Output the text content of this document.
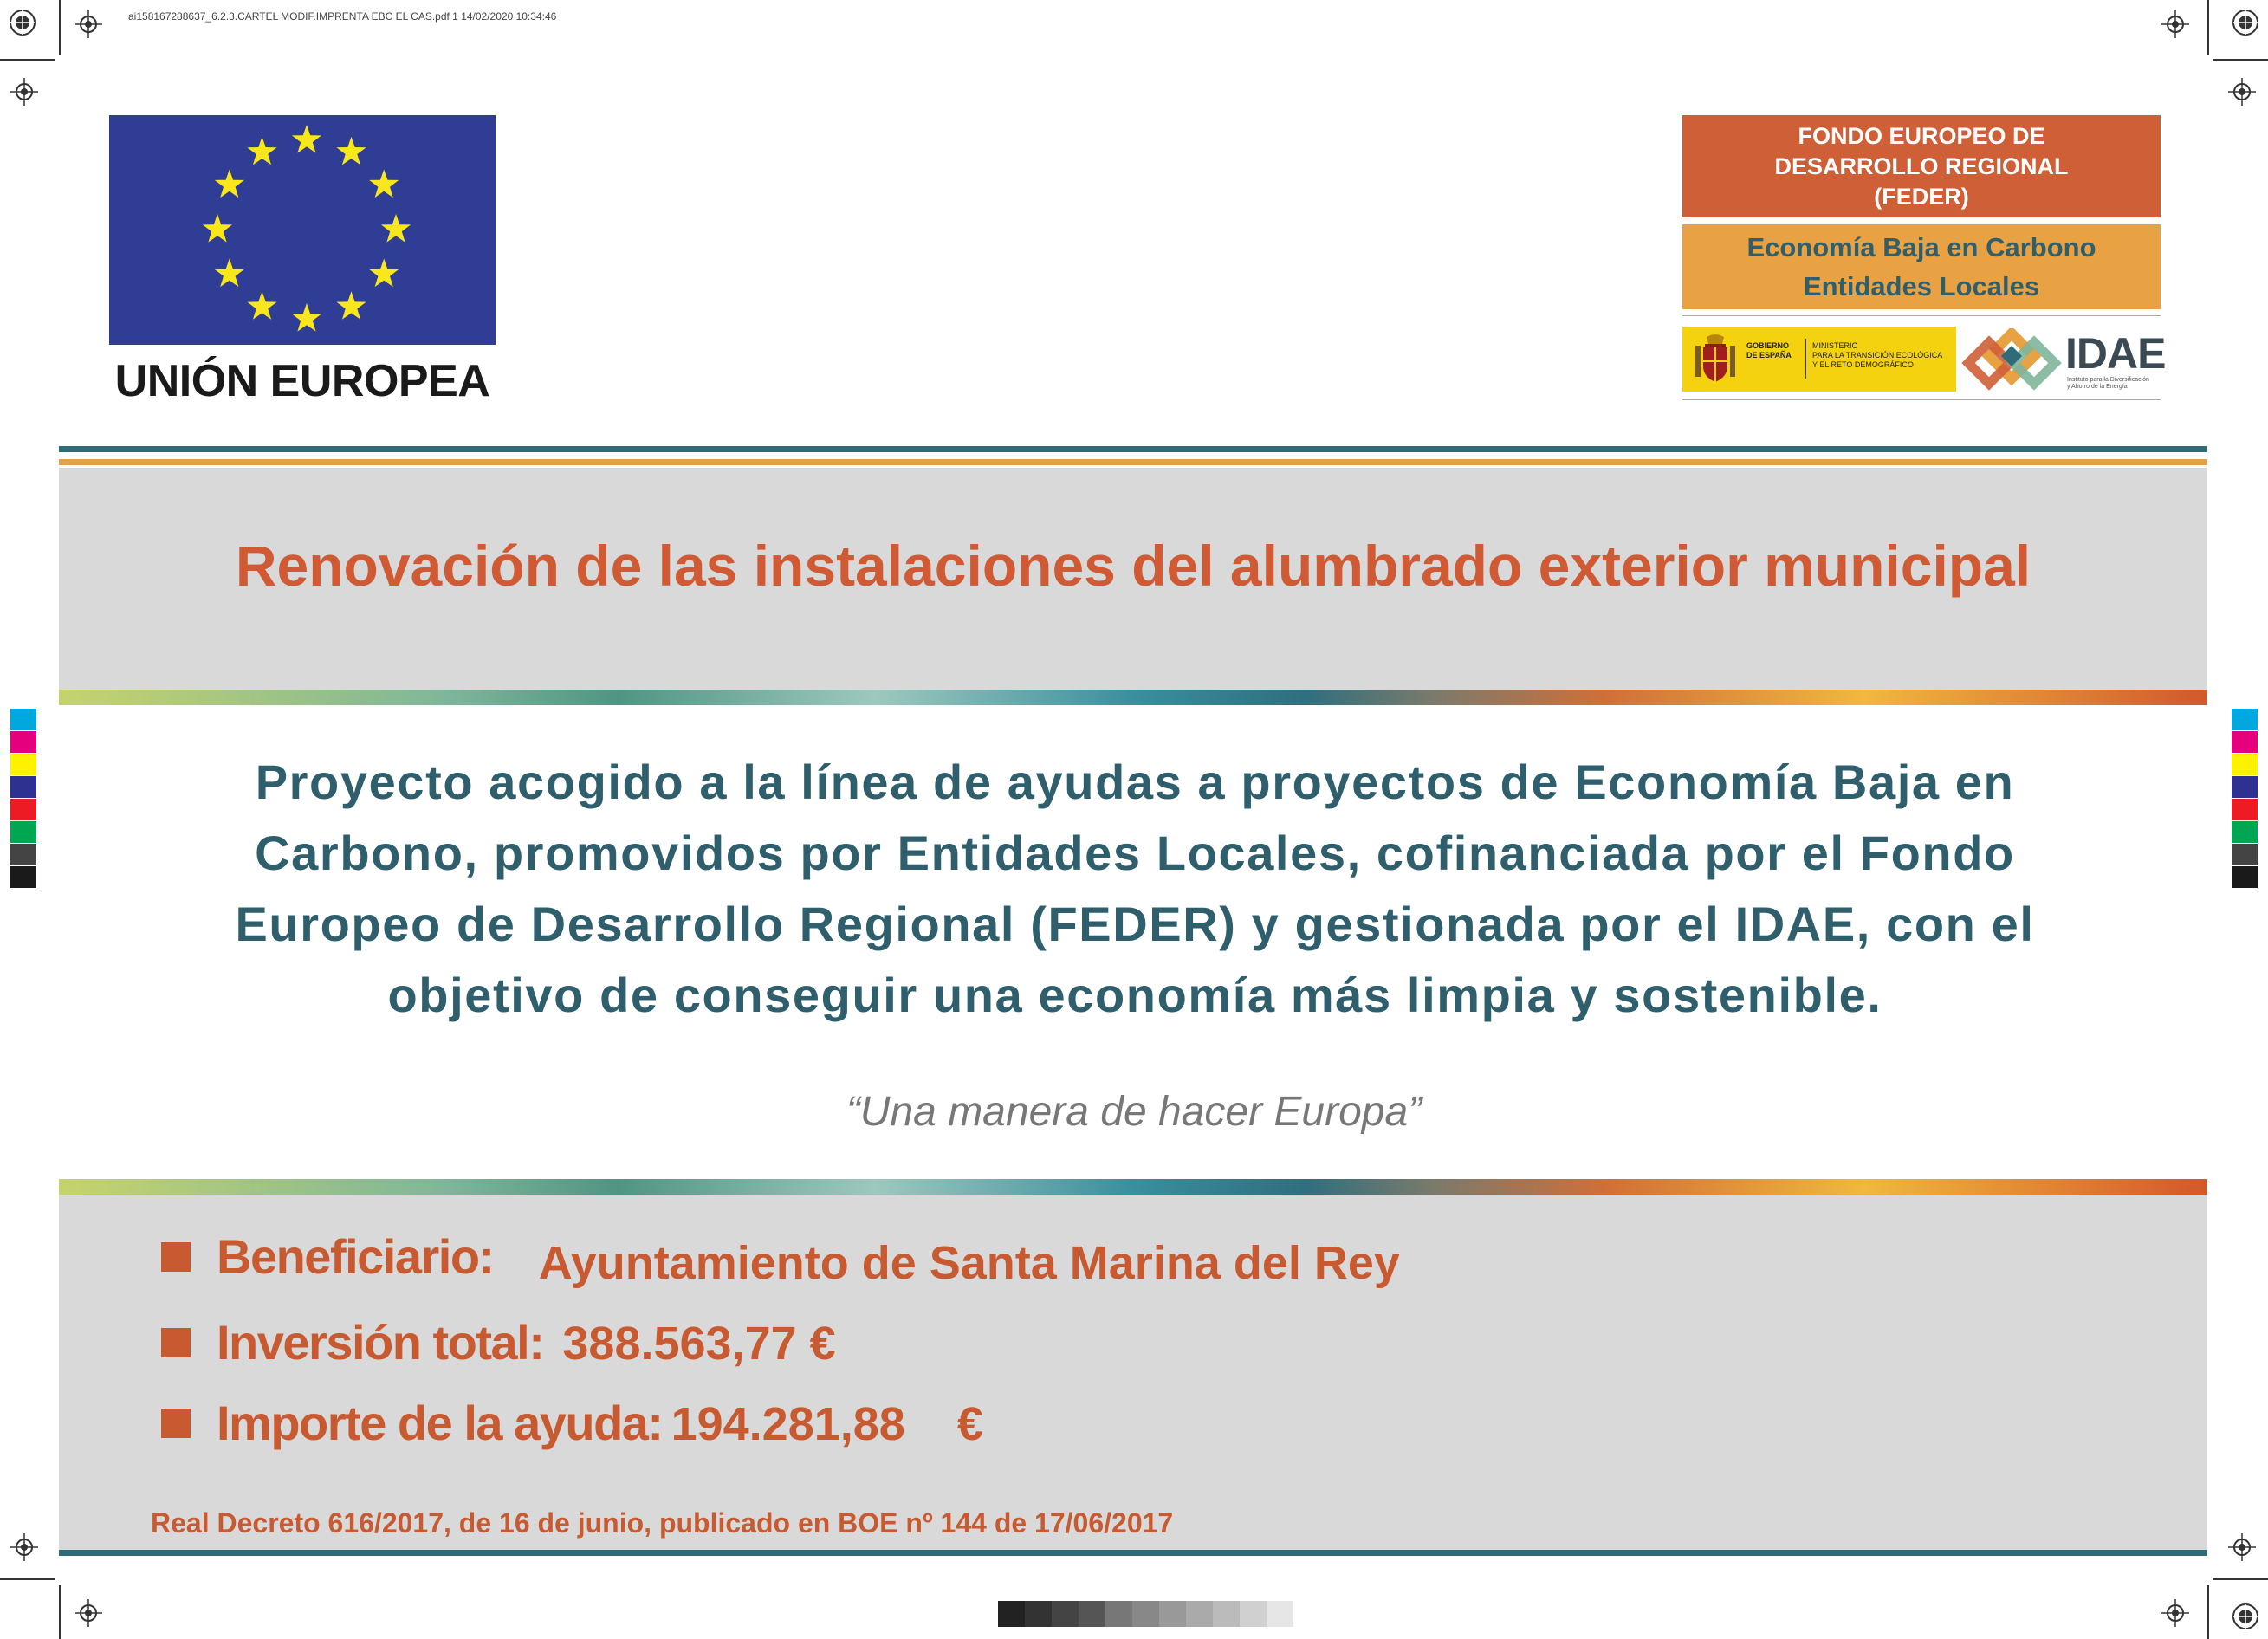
ai158167288637_6.2.3.CARTEL MODIF.IMPRENTA EBC EL CAS.pdf 1 14/02/2020 10:34:46
UNIÓN EUROPEA
FONDO EUROPEO DE
DESARROLLO REGIONAL
(FEDER)
Economía Baja en Carbono
Entidades Locales
GOBIERNO
DE ESPAÑA
MINISTERIO
PARA LA TRANSICIÓN ECOLÓGICA
Y EL RETO DEMOGRÁFICO	IDAE
Instituto para la Diversificación
y Ahorro de la Energía
Renovación de las instalaciones del alumbrado exterior municipal
Proyecto acogido a la línea de ayudas a proyectos de Economía Baja en
Carbono, promovidos por Entidades Locales, cofinanciada por el Fondo
Europeo de Desarrollo Regional (FEDER) y gestionada por el IDAE, con el
objetivo de conseguir una economía más limpia y sostenible.
“Una manera de hacer Europa”
Beneficiario: Ayuntamiento de Santa Marina del Rey
Inversión total: 388.563,77 €
Importe de la ayuda: 194.281,88    €
Real Decreto 616/2017, de 16 de junio, publicado en BOE nº 144 de 17/06/2017
